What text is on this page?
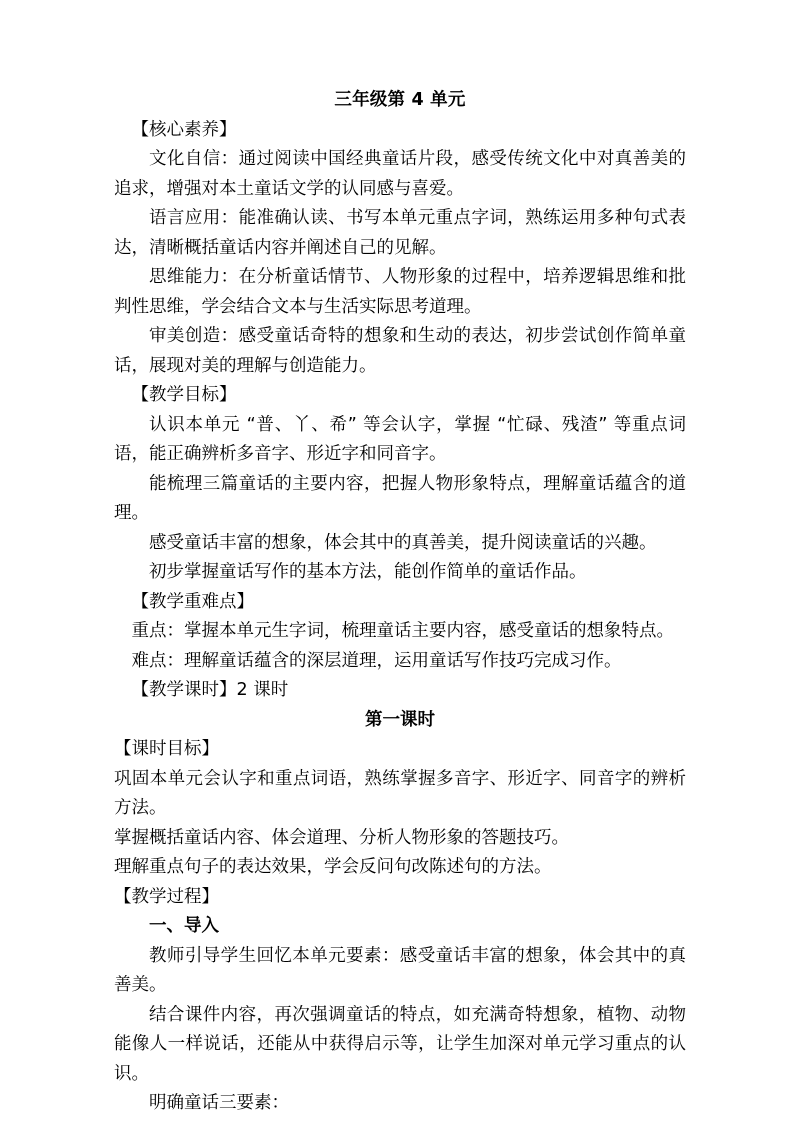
三年级第 4 单元

【核心素养】

文化自信：通过阅读中国经典童话片段，感受传统文化中对真善美的追求，增强对本土童话文学的认同感与喜爱。

语言应用：能准确认读、书写本单元重点字词，熟练运用多种句式表达，清晰概括童话内容并阐述自己的见解。

思维能力：在分析童话情节、人物形象的过程中，培养逻辑思维和批判性思维，学会结合文本与生活实际思考道理。

审美创造：感受童话奇特的想象和生动的表达，初步尝试创作简单童话，展现对美的理解与创造能力。

【教学目标】

认识本单元 “普、丫、希” 等会认字，掌握 “忙碌、残渣” 等重点词语，能正确辨析多音字、形近字和同音字。

能梳理三篇童话的主要内容，把握人物形象特点，理解童话蕴含的道理。

感受童话丰富的想象，体会其中的真善美，提升阅读童话的兴趣。

初步掌握童话写作的基本方法，能创作简单的童话作品。

【教学重难点】

重点：掌握本单元生字词，梳理童话主要内容，感受童话的想象特点。

难点：理解童话蕴含的深层道理，运用童话写作技巧完成习作。

【教学课时】2 课时

第一课时

【课时目标】

巩固本单元会认字和重点词语，熟练掌握多音字、形近字、同音字的辨析方法。

掌握概括童话内容、体会道理、分析人物形象的答题技巧。

理解重点句子的表达效果，学会反问句改陈述句的方法。

【教学过程】

一、导入

教师引导学生回忆本单元要素：感受童话丰富的想象，体会其中的真善美。

结合课件内容，再次强调童话的特点，如充满奇特想象，植物、动物能像人一样说话，还能从中获得启示等，让学生加深对单元学习重点的认识。

明确童话三要素：
